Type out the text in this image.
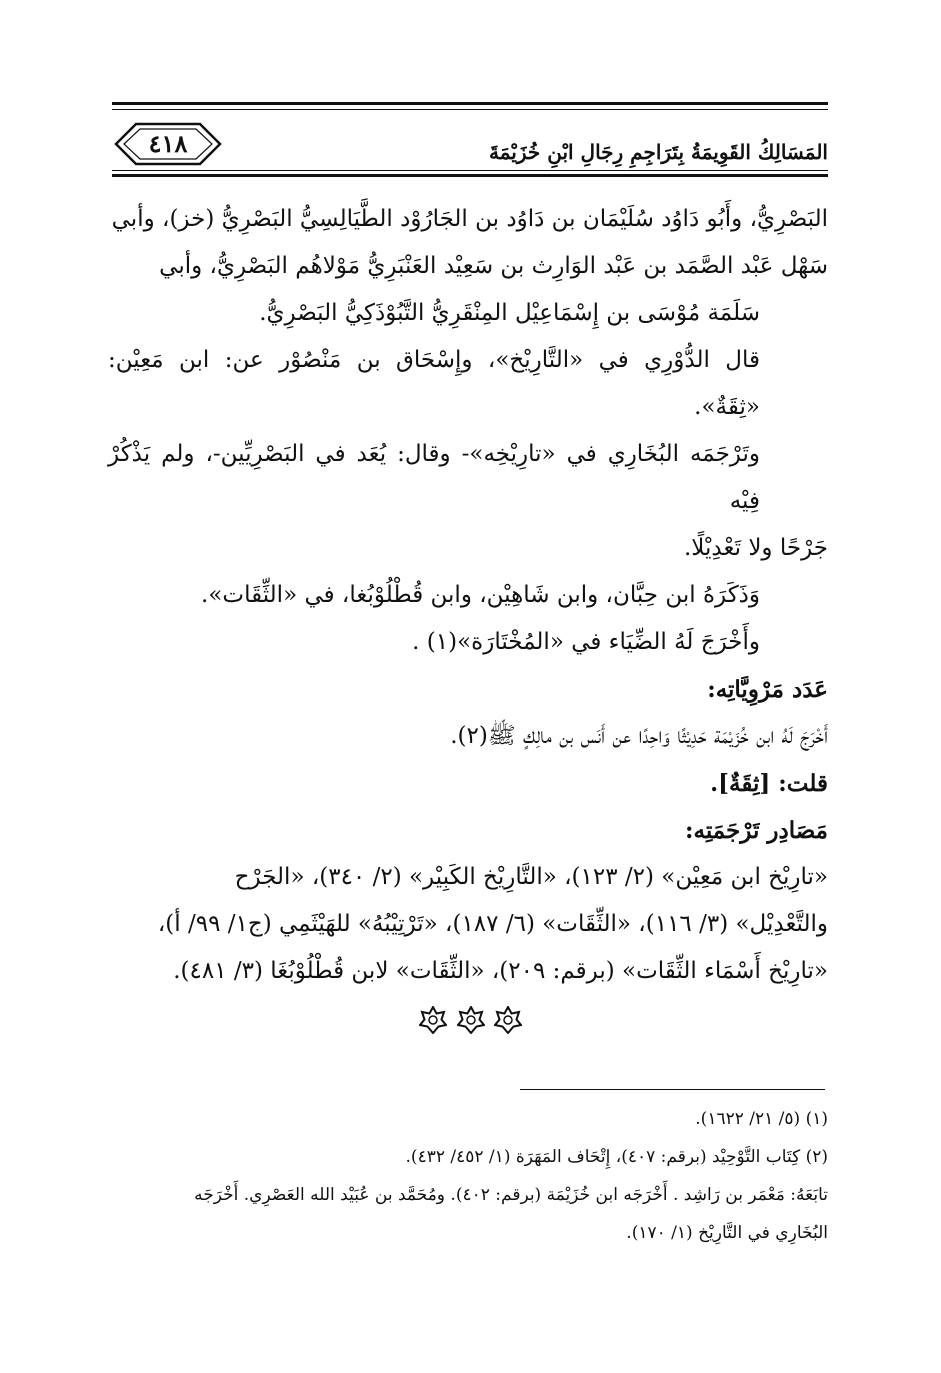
المَسَالِكُ القَوِيمَةُ بِتَرَاجِمِ رِجَالِ ابْنِ خُزَيْمَةَ
٤١٨

البَصْرِيُّ، وأَبُو دَاوُد سُلَيْمَان بن دَاوُد بن الجَارُوْد الطَّيَالِسِيُّ البَصْرِيُّ (خز)، وأبي

سَهْل عَبْد الصَّمَد بن عَبْد الوَارِث بن سَعِيْد العَنْبَرِيُّ مَوْلاهُم البَصْرِيُّ، وأبي

سَلَمَة مُوْسَى بن إِسْمَاعِيْل المِنْقَرِيُّ التَّبُوْذَكِيُّ البَصْرِيُّ.

قال الدُّوْرِي في «التَّارِيْخ»، وإِسْحَاق بن مَنْصُوْر عن: ابن مَعِيْن: «ثِقَةٌ».

وتَرْجَمَه البُخَارِي في «تارِيْخِه»- وقال: يُعَد في البَصْرِيِّين-، ولم يَذْكُرْ فِيْه

جَرْحًا ولا تَعْدِيْلًا.

وَذَكَرَهُ ابن حِبَّان، وابن شَاهِيْن، وابن قُطْلُوْبُغا، في «الثِّقَات».

وأَخْرَجَ لَهُ الضِّيَاء في «المُخْتَارَة»(١) .

عَدَد مَرْوِيَّاتِه:

أَخْرَجَ لَهُ ابن خُزَيْمَة حَدِيْثًا وَاحِدًا عن أَنَس بن مالِكٍ ﷺ(٢).

قلت: [ثِقَةٌ].

مَصَادِر تَرْجَمَتِه:

«تارِيْخ ابن مَعِيْن» (٢/ ١٢٣)، «التَّارِيْخ الكَبِيْر» (٢/ ٣٤٠)، «الجَرْح

والتَّعْدِيْل» (٣/ ١١٦)، «الثِّقَات» (٦/ ١٨٧)، «تَرْتِيْبُهُ» للهَيْثَمِي (ج١/ ٩٩/ أ)،

«تارِيْخ أَسْمَاء الثِّقَات» (برقم: ٢٠٩)، «الثِّقَات» لابن قُطْلُوْبُغَا (٣/ ٤٨١).

(١) (٥/ ٢١/ ١٦٢٢).

(٢) كِتَاب التَّوْحِيْد (برقم: ٤٠٧)، إِتْحَاف المَهَرَة (١/ ٤٥٢/ ٤٣٢).

تابَعَهُ: مَعْمَر بن رَاشِد . أَخْرَجَه ابن خُزَيْمَة (برقم: ٤٠٢). ومُحَمَّد بن عُبَيْد الله العَصْرِي. أَخْرَجَه

البُخَارِي في التَّارِيْخ (١/ ١٧٠).
